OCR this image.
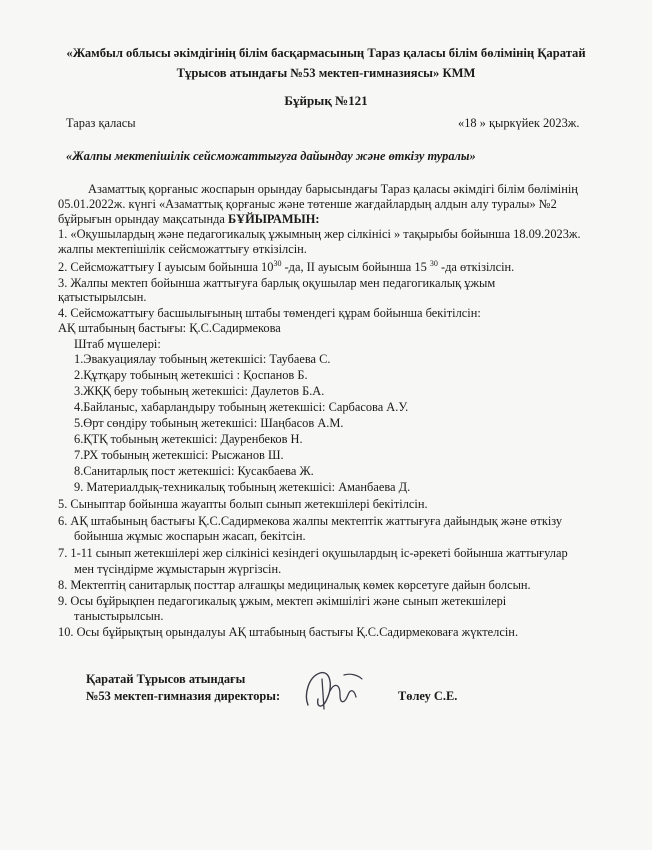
«Жамбыл облысы әкімдігінің білім басқармасының Тараз қаласы білім бөлімінің Қаратай
Тұрысов атындағы №53 мектеп-гимназиясы» КММ
Бұйрық №121
Тараз қаласы	«18 » қыркүйек 2023ж.
«Жалпы мектепішілік сейсможаттығуға дайындау және өткізу туралы»
Азаматтық қорғаныс жоспарын орындау барысындағы Тараз қаласы әкімдігі білім бөлімінің
05.01.2022ж. күнгі «Азаматтық қорғаныс және төтенше жағдайлардың алдын алу туралы» №2
бұйрығын орындау мақсатында БҰЙЫРАМЫН:
1. «Оқушылардың және педагогикалық ұжымның жер сілкінісі » тақырыбы бойынша 18.09.2023ж.
жалпы мектепішілік сейсможаттығу өткізілсін.
2. Сейсможаттығу I ауысым бойынша $10^{30}$ -да, II ауысым бойынша 15 $^{30}$ -да өткізілсін.
3. Жалпы мектеп бойынша жаттығуға барлық оқушылар мен педагогикалық ұжым
қатыстырылсын.
4. Сейсможаттығу басшылығының штабы төмендегі құрам бойынша бекітілсін:
АҚ штабының бастығы: Қ.С.Садирмекова
Штаб мүшелері:
1.Эвакуациялау тобының жетекшісі: Таубаева С.
2.Құтқару тобының жетекшісі : Қоспанов Б.
3.ЖҚҚ беру тобының жетекшісі: Даулетов Б.А.
4.Байланыс, хабарландыру тобының жетекшісі: Сарбасова А.У.
5.Өрт сөндіру тобының жетекшісі: Шаңбасов А.М.
6.ҚТҚ тобының жетекшісі: Дауренбеков Н.
7.РХ тобының жетекшісі: Рысжанов Ш.
8.Санитарлық пост жетекшісі: Кусакбаева Ж.
9. Материалдық-техникалық тобының жетекшісі: Аманбаева Д.
5. Сыныптар бойынша жауапты болып сынып жетекшілері бекітілсін.
6. АҚ штабының бастығы Қ.С.Садирмекова жалпы мектептік жаттығуға дайындық және өткізу
бойынша жұмыс жоспарын жасап, бекітсін.
7. 1-11 сынып жетекшілері жер сілкінісі кезіндегі оқушылардың іс-әрекеті бойынша жаттығулар
мен түсіндірме жұмыстарын жүргізсін.
8. Мектептің санитарлық посттар алғашқы медициналық көмек көрсетуге дайын болсын.
9. Осы бұйрықпен педагогикалық ұжым, мектеп әкімшілігі және сынып жетекшілері
таныстырылсын.
10. Осы бұйрықтың орындалуы АҚ штабының бастығы Қ.С.Садирмековаға жүктелсін.
Қаратай Тұрысов атындағы
№53 мектеп-гимназия директоры:	Төлеу С.Е.
